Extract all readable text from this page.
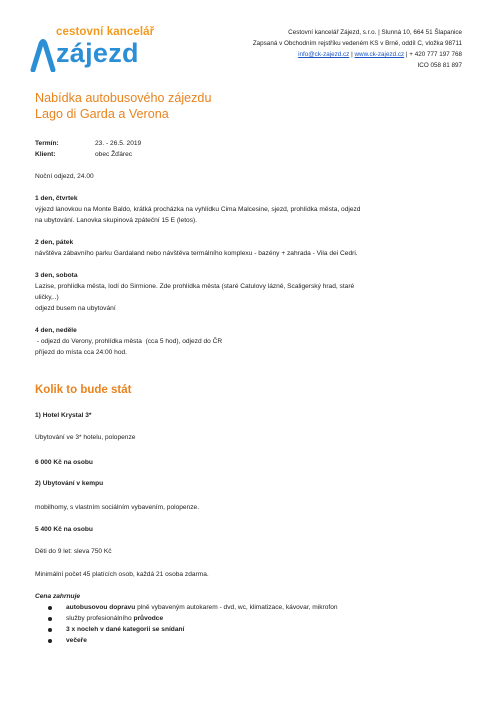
cestovní kancelář
zájezd
Cestovní kancelář Zájezd, s.r.o. | Slunná 10, 664 51 Šlapanice
Zapsaná v Obchodním rejstříku vedeném KS v Brně, oddíl C, vložka 98711
info@ck-zajezd.cz | www.ck-zajezd.cz | + 420 777 197 768
ICO 058 81 897
Nabídka autobusového zájezdu
Lago di Garda a Verona
Termín:	23. - 26.5. 2019
Klient:	obec Žďárec
Noční odjezd, 24.00
1 den, čtvrtek
výjezd lanovkou na Monte Baldo, krátká procházka na vyhlídku Cima Malcesine, sjezd, prohlídka města, odjezd
na ubytování. Lanovka skupinová zpáteční 15 E (letos).
2 den, pátek
návštěva zábavního parku Gardaland nebo návštěva termálního komplexu - bazény + zahrada - Vila dei Cedri.
3 den, sobota
Lazise, prohlídka města, lodí do Sirmione. Zde prohlídka města (staré Catulovy lázně, Scaligerský hrad, staré
uličky,..)
odjezd busem na ubytování
4 den, neděle
- odjezd do Verony, prohlídka města  (cca 5 hod), odjezd do ČR
příjezd do místa cca 24:00 hod.
Kolik to bude stát
1) Hotel Krystal 3*
Ubytování ve 3* hotelu, polopenze
6 000 Kč na osobu
2) Ubytování v kempu
mobilhomy, s vlastním sociálním vybavením, polopenze.
5 400 Kč na osobu
Děti do 9 let: sleva 750 Kč
Minimální počet 45 platících osob, každá 21 osoba zdarma.
Cena zahrnuje
autobusovou dopravu plně vybaveným autokarem - dvd, wc, klimatizace, kávovar, mikrofon
služby profesionálního průvodce
3 x nocleh v dané kategorii se snídaní
večeře
